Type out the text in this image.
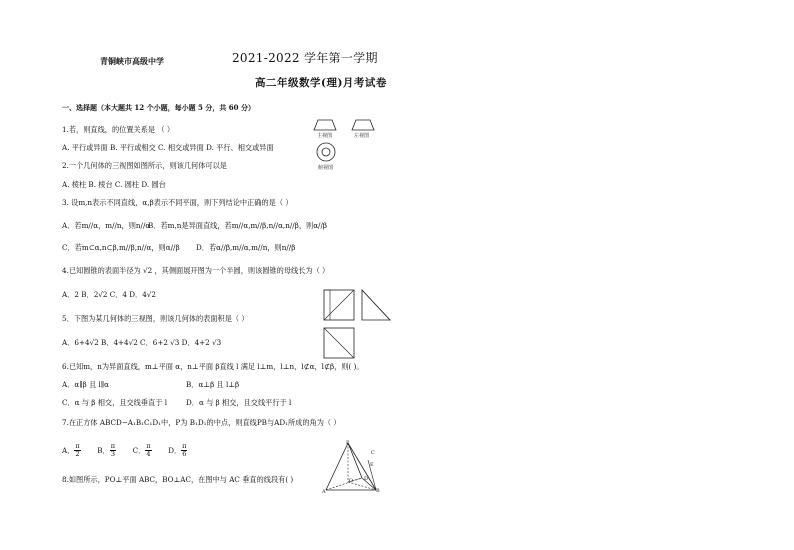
青铜峡市高级中学	2021-2022 学年第一学期
高二年级数学(理)月考试卷
一、选择题（本大题共 12 个小题，每小题 5 分，共 60 分）
1.若，则直线，的位置关系是 （ ）
A. 平行或异面 B. 平行或相交 C. 相交或异面 D. 平行、相交或异面
2.一个几何体的三视图如图所示，则该几何体可以是
A. 棱柱 B. 棱台 C. 圆柱 D. 圆台
3. 设m,n表示不同直线，α,β表示不同平面，则下列结论中正确的是（ ）
A．若m//α，m//n，则n//α
B．若m,n是异面直线，若m//α,m//β,n//α,n//β，则α//β
C．若m⊂α,n⊂β,m//β,n//α，则α//β D．若α//β,m//α,m//n，则n//β
4.已知圆锥的表面半径为 √2 ，其侧面展开图为一个半圆，则该圆锥的母线长为（ ）
A．2 B．2√2 C．4 D．4√2
5．下图为某几何体的三视图，则该几何体的表面积是（ ）
A．6+4√2 B．4+4√2 C．6+2 √3 D．4+2 √3
6.已知m，n为异面直线，m⊥平面 α，n⊥平面 β直线 l 满足 l⊥m，l⊥n，l⊄α，l⊄β，则( )。
A．α∥β 且 l∥α	B．α⊥β 且 l⊥β
C．α 与 β 相交，且交线垂直于 l	D．α 与 β 相交，且交线平行于 l
7.在正方体 ABCD−A₁B₁C₁D₁中，P为 B₁D₁的中点，则直线PB与AD₁所成的角为（ ）
A． $\frac{\pi}{2}$ B． $\frac{\pi}{3}$ C． $\frac{\pi}{4}$ D． $\frac{\pi}{6}$
8.如图所示，PO⊥平面 ABC，BO⊥AC，在图中与 AC 垂直的线段有( )
主视图	左视图
俯视图
P
C
A
O
B
D
E
